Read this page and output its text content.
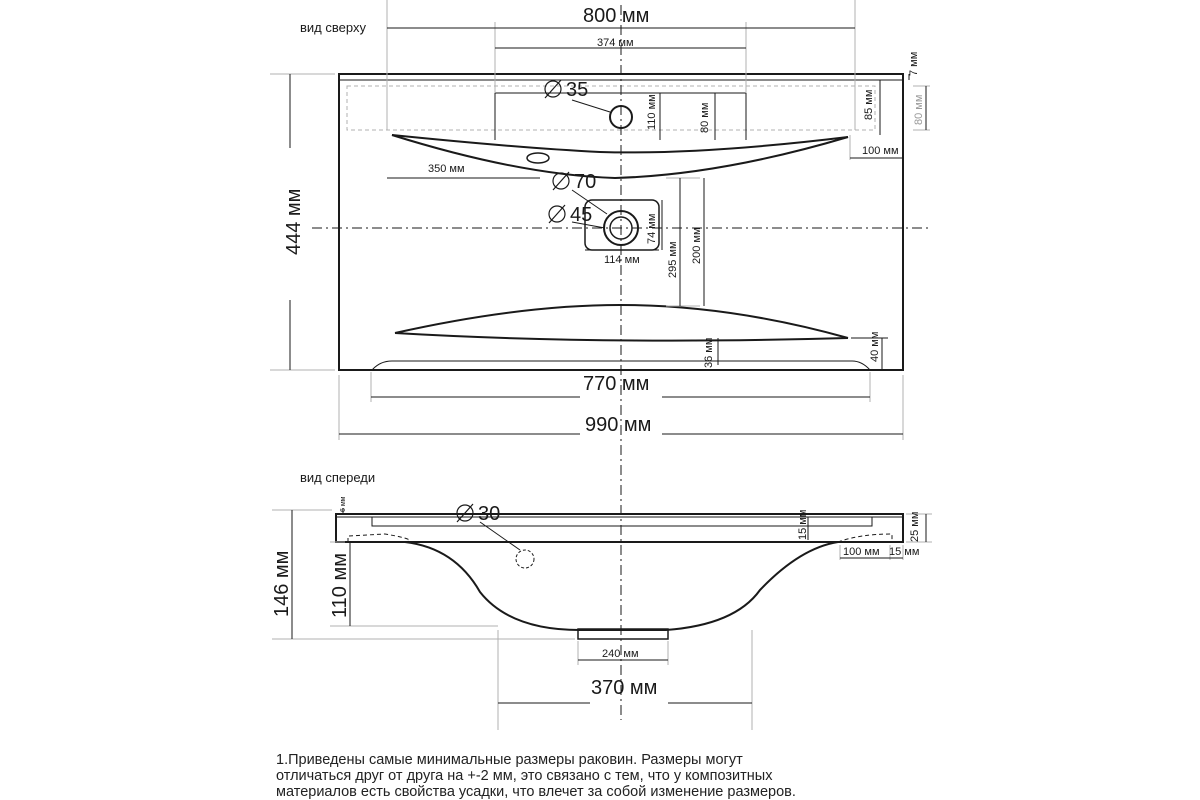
вид сверху
800 мм
374 мм
35
110 мм	80 мм	85 мм
7 мм
80 мм
100 мм
350 мм
70
45	74 мм
114 мм 295 мм 200 мм
444 мм
36 мм	40 мм
770 мм
990 мм
вид спереди
6 мм	30	15 мм	25 мм
100 мм 15 мм
146 мм 110 мм
240 мм
370 мм
1.Приведены самые минимальные размеры раковин. Размеры могут
отличаться друг от друга на +-2 мм, это связано с тем, что у композитных
материалов есть свойства усадки, что влечет за собой изменение размеров.
